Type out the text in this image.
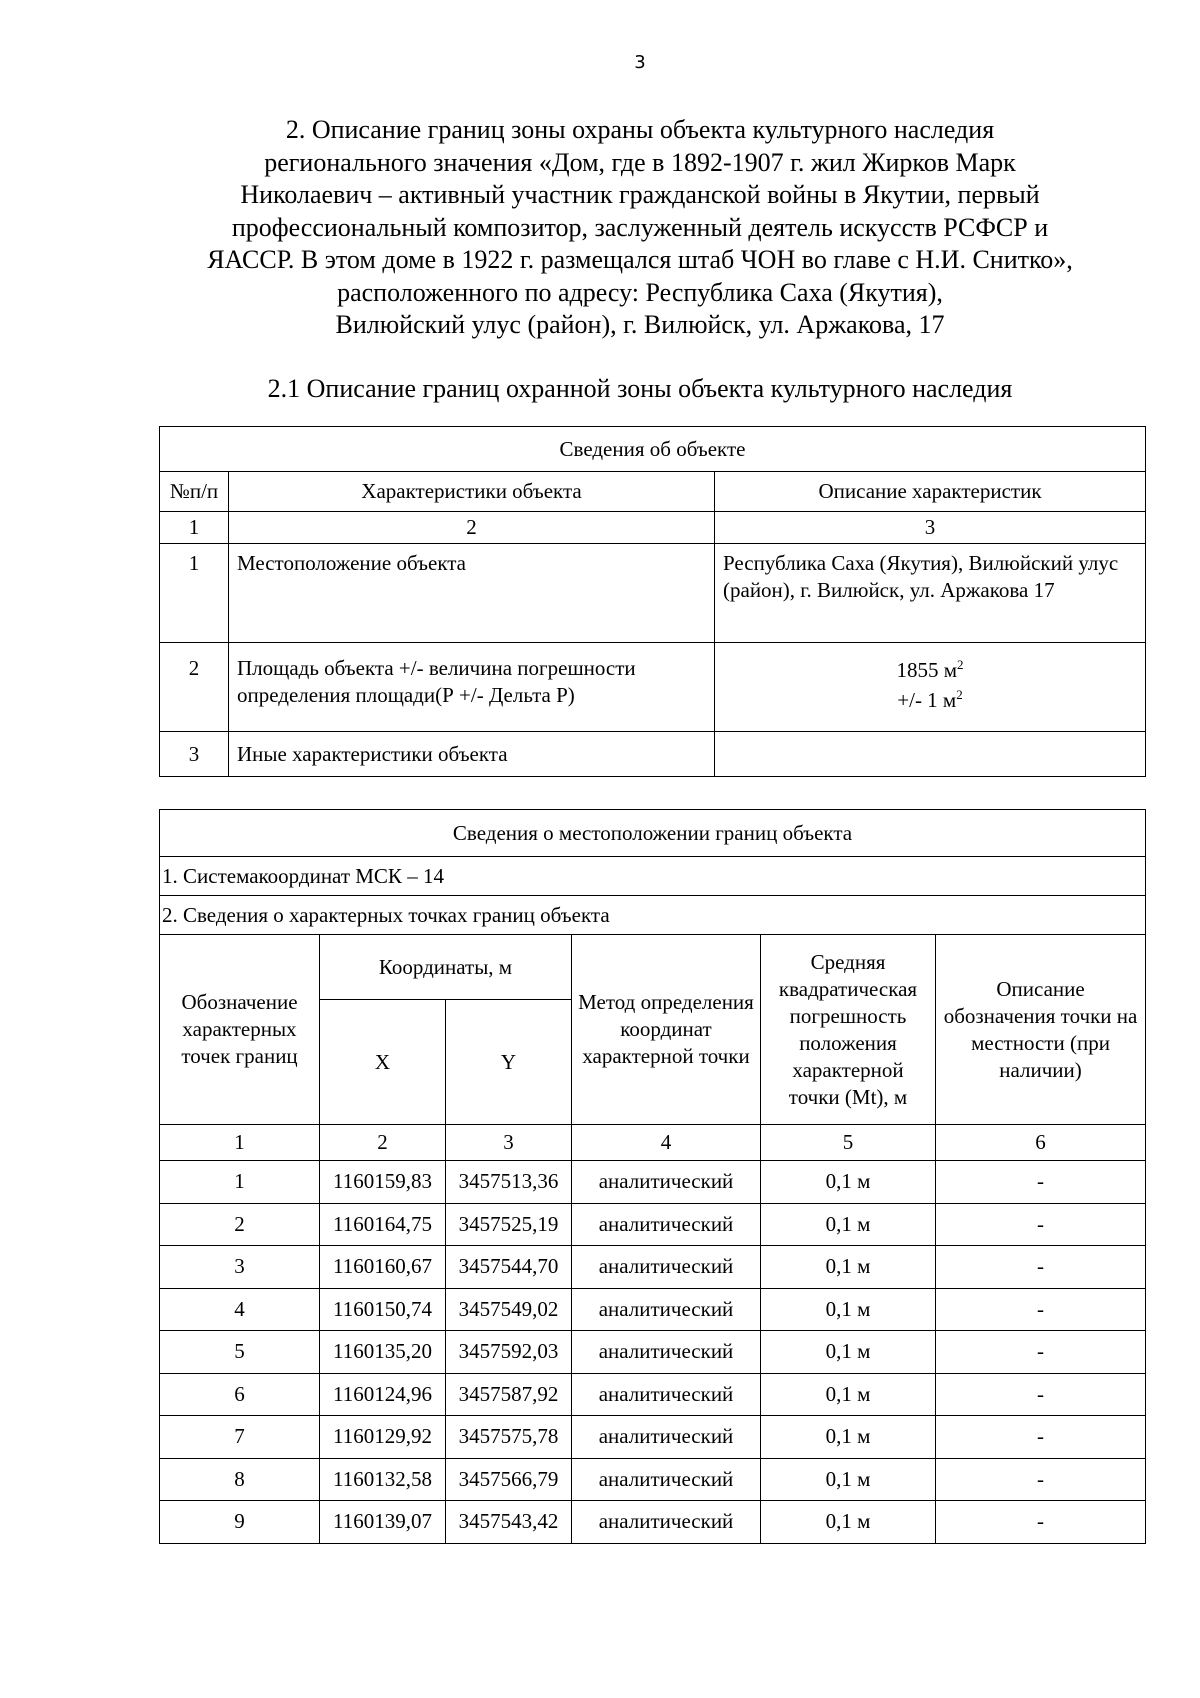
3
2. Описание границ зоны охраны объекта культурного наследия
регионального значения «Дом, где в 1892-1907 г. жил Жирков Марк
Николаевич – активный участник гражданской войны в Якутии, первый
профессиональный композитор, заслуженный деятель искусств РСФСР и
ЯАССР. В этом доме в 1922 г. размещался штаб ЧОН во главе с Н.И. Снитко»,
расположенного по адресу: Республика Саха (Якутия),
Вилюйский улус (район), г. Вилюйск, ул. Аржакова, 17
2.1 Описание границ охранной зоны объекта культурного наследия
Сведения об объекте		
№п/п	Характеристики объекта	Описание характеристик
1	2	3
1	Местоположение объекта	Республика Саха (Якутия), Вилюйский улус (район), г. Вилюйск, ул. Аржакова 17
2	Площадь объекта +/- величина погрешности определения площади(Р +/- Дельта Р)	1855 $м^2$
+/- 1 $м^2$

3	Иные характеристики объекта	
Сведения о местоположении границ объекта					
1. Системакоординат МСК – 14					
2. Сведения о характерных точках границ объекта					
Обозначение характерных точек границ	Координаты, м		Метод определения координат характерной точки	Средняя квадратическая погрешность положения характерной точки (Mt), м	Описание обозначения точки на местности (при наличии)
	X	Y			
1	2	3	4	5	6
1	1160159,83	3457513,36	аналитический	0,1 м	-
2	1160164,75	3457525,19	аналитический	0,1 м	-
3	1160160,67	3457544,70	аналитический	0,1 м	-
4	1160150,74	3457549,02	аналитический	0,1 м	-
5	1160135,20	3457592,03	аналитический	0,1 м	-
6	1160124,96	3457587,92	аналитический	0,1 м	-
7	1160129,92	3457575,78	аналитический	0,1 м	-
8	1160132,58	3457566,79	аналитический	0,1 м	-
9	1160139,07	3457543,42	аналитический	0,1 м	-
